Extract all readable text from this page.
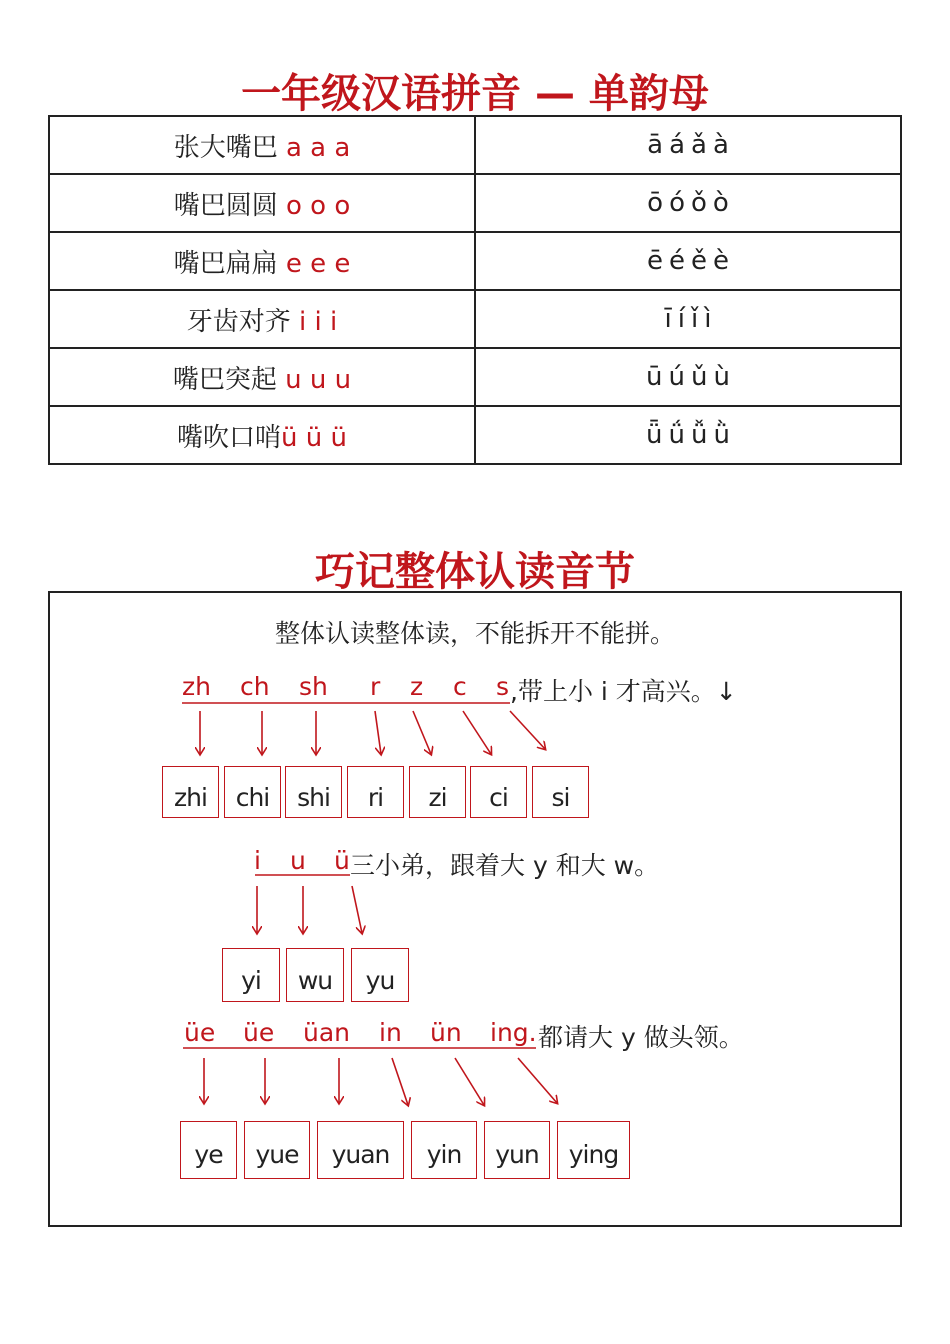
一年级汉语拼音 — 单韵母
张大嘴巴 a a a	ā á ǎ à
嘴巴圆圆 o o o	ō ó ǒ ò
嘴巴扁扁 e e e	ē é ě è
牙齿对齐 i i i	ī í ǐ ì
嘴巴突起 u u u	ū ú ǔ ù
嘴吹口哨ü ü ü	ǖ ǘ ǚ ǜ
巧记整体认读音节
整体认读整体读，不能拆开不能拼。
zh ch sh r z c s ,带上小 i 才高兴。↓
zhi	chi	shi	ri	zi	ci	si
i u ü 三小弟，跟着大 y 和大 w。
yi	wu	yu
üe üe üan in ün ing. 都请大 y 做头领。
ye	yue	yuan	yin	yun	ying
